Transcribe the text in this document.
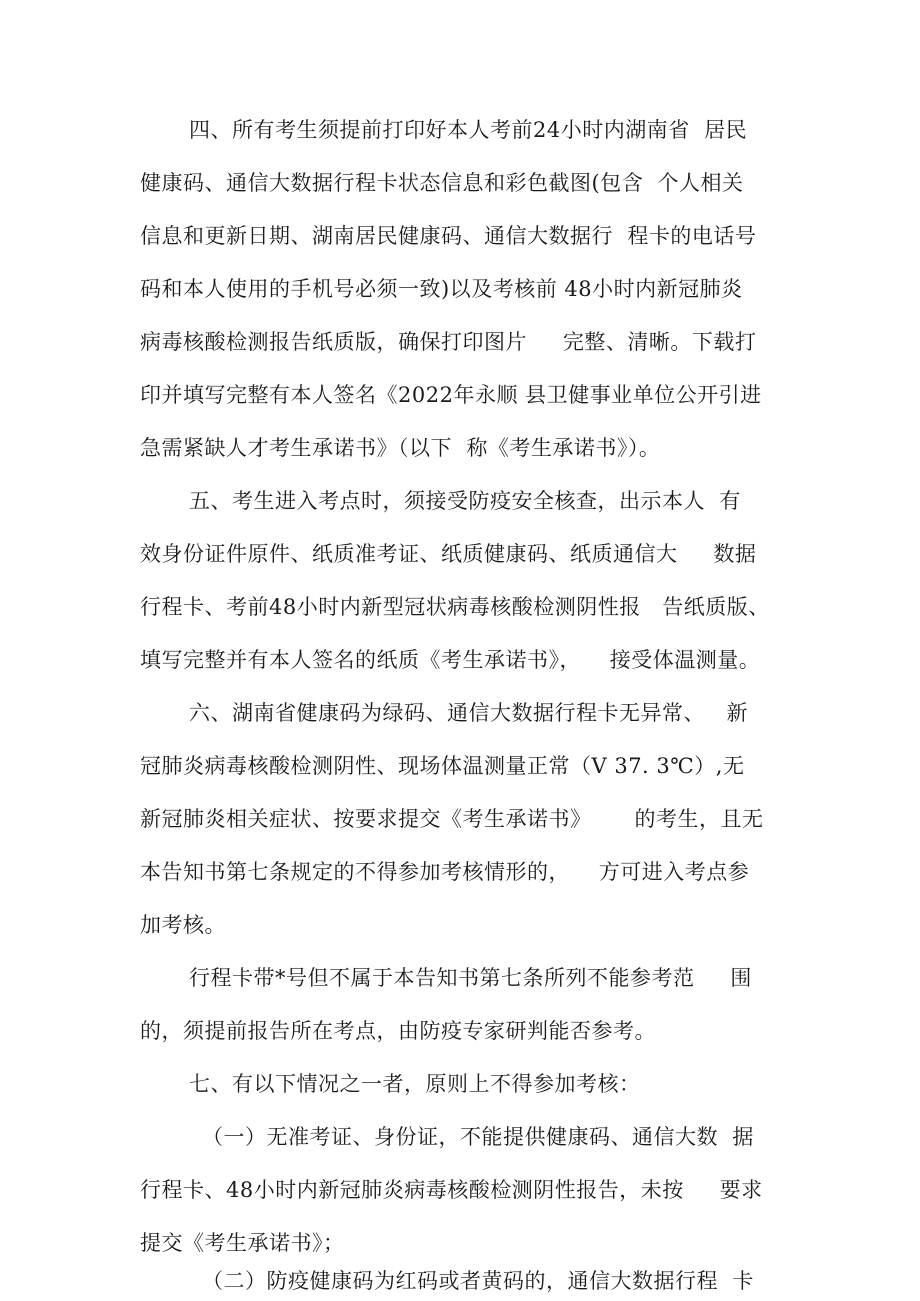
四、所有考生须提前打印好本人考前24小时内湖南省  居民
健康码、通信大数据行程卡状态信息和彩色截图(包含  个人相关
信息和更新日期、湖南居民健康码、通信大数据行  程卡的电话号
码和本人使用的手机号必须一致)以及考核前 48小时内新冠肺炎
病毒核酸检测报告纸质版，确保打印图片     完整、清晰。下载打
印并填写完整有本人签名《2022年永顺 县卫健事业单位公开引进
急需紧缺人才考生承诺书》（以下  称《考生承诺书》）。
五、考生进入考点时，须接受防疫安全核查，出示本人  有
效身份证件原件、纸质准考证、纸质健康码、纸质通信大     数据
行程卡、考前48小时内新型冠状病毒核酸检测阴性报   告纸质版、
填写完整并有本人签名的纸质《考生承诺书》，    接受体温测量。
六、湖南省健康码为绿码、通信大数据行程卡无异常、   新
冠肺炎病毒核酸检测阴性、现场体温测量正常（V 37. 3℃）,无
新冠肺炎相关症状、按要求提交《考生承诺书》      的考生，且无
本告知书第七条规定的不得参加考核情形的，    方可进入考点参
加考核。
行程卡带*号但不属于本告知书第七条所列不能参考范     围
的，须提前报告所在考点，由防疫专家研判能否参考。
七、有以下情况之一者，原则上不得参加考核：
（一）无准考证、身份证，不能提供健康码、通信大数  据
行程卡、48小时内新冠肺炎病毒核酸检测阴性报告，未按     要求
提交《考生承诺书》；
（二）防疫健康码为红码或者黄码的，通信大数据行程  卡
